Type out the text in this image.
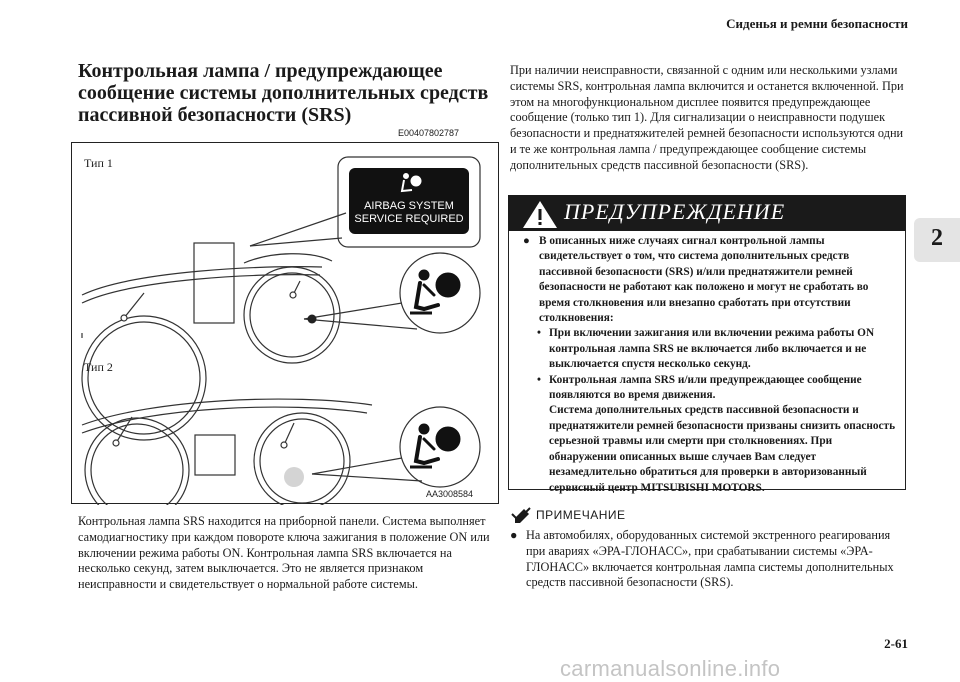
Сиденья и ремни безопасности
2
Контрольная лампа / предупреждающее сообщение системы дополнительных средств пассивной безопасности (SRS)
E00407802787
AIRBAG SYSTEM
SERVICE REQUIRED
Тип 1
Тип 2
AA3008584
Контрольная лампа SRS находится на приборной панели. Система выполняет самодиагностику при каждом повороте ключа зажигания в положение ON или включении режима работы ON. Контрольная лампа SRS включается на несколько секунд, затем выключается. Это не является признаком неисправности и свидетельствует о нормальной работе системы.
При наличии неисправности, связанной с одним или несколькими узлами системы SRS, контрольная лампа включится и останется включенной. При этом на многофункциональном дисплее появится предупреждающее сообщение (только тип 1). Для сигнализации о неисправности подушек безопасности и преднатяжителей ремней безопасности используются одни и те же контрольная лампа / предупреждающее сообщение системы дополнительных средств пассивной безопасности (SRS).
ПРЕДУПРЕЖДЕНИЕ
● В описанных ниже случаях сигнал контрольной лампы свидетельствует о том, что система дополнительных средств пассивной безопасности (SRS) и/или преднатяжители ремней безопасности не работают как положено и могут не сработать во время столкновения или внезапно сработать при отсутствии столкновения:
• При включении зажигания или включении режима работы ON контрольная лампа SRS не включается либо включается и не выключается спустя несколько секунд.
• Контрольная лампа SRS и/или предупреждающее сообщение появляются во время движения.
Система дополнительных средств пассивной безопасности и преднатяжители ремней безопасности призваны снизить опасность серьезной травмы или смерти при столкновениях. При обнаружении описанных выше случаев Вам следует незамедлительно обратиться для проверки в авторизованный сервисный центр MITSUBISHI MOTORS.
ПРИМЕЧАНИЕ
● На автомобилях, оборудованных системой экстренного реагирования при авариях «ЭРА-ГЛОНАСС», при срабатывании системы «ЭРА-ГЛОНАСС» включается контрольная лампа системы дополнительных средств пассивной безопасности (SRS).
2-61
carmanualsonline.info
